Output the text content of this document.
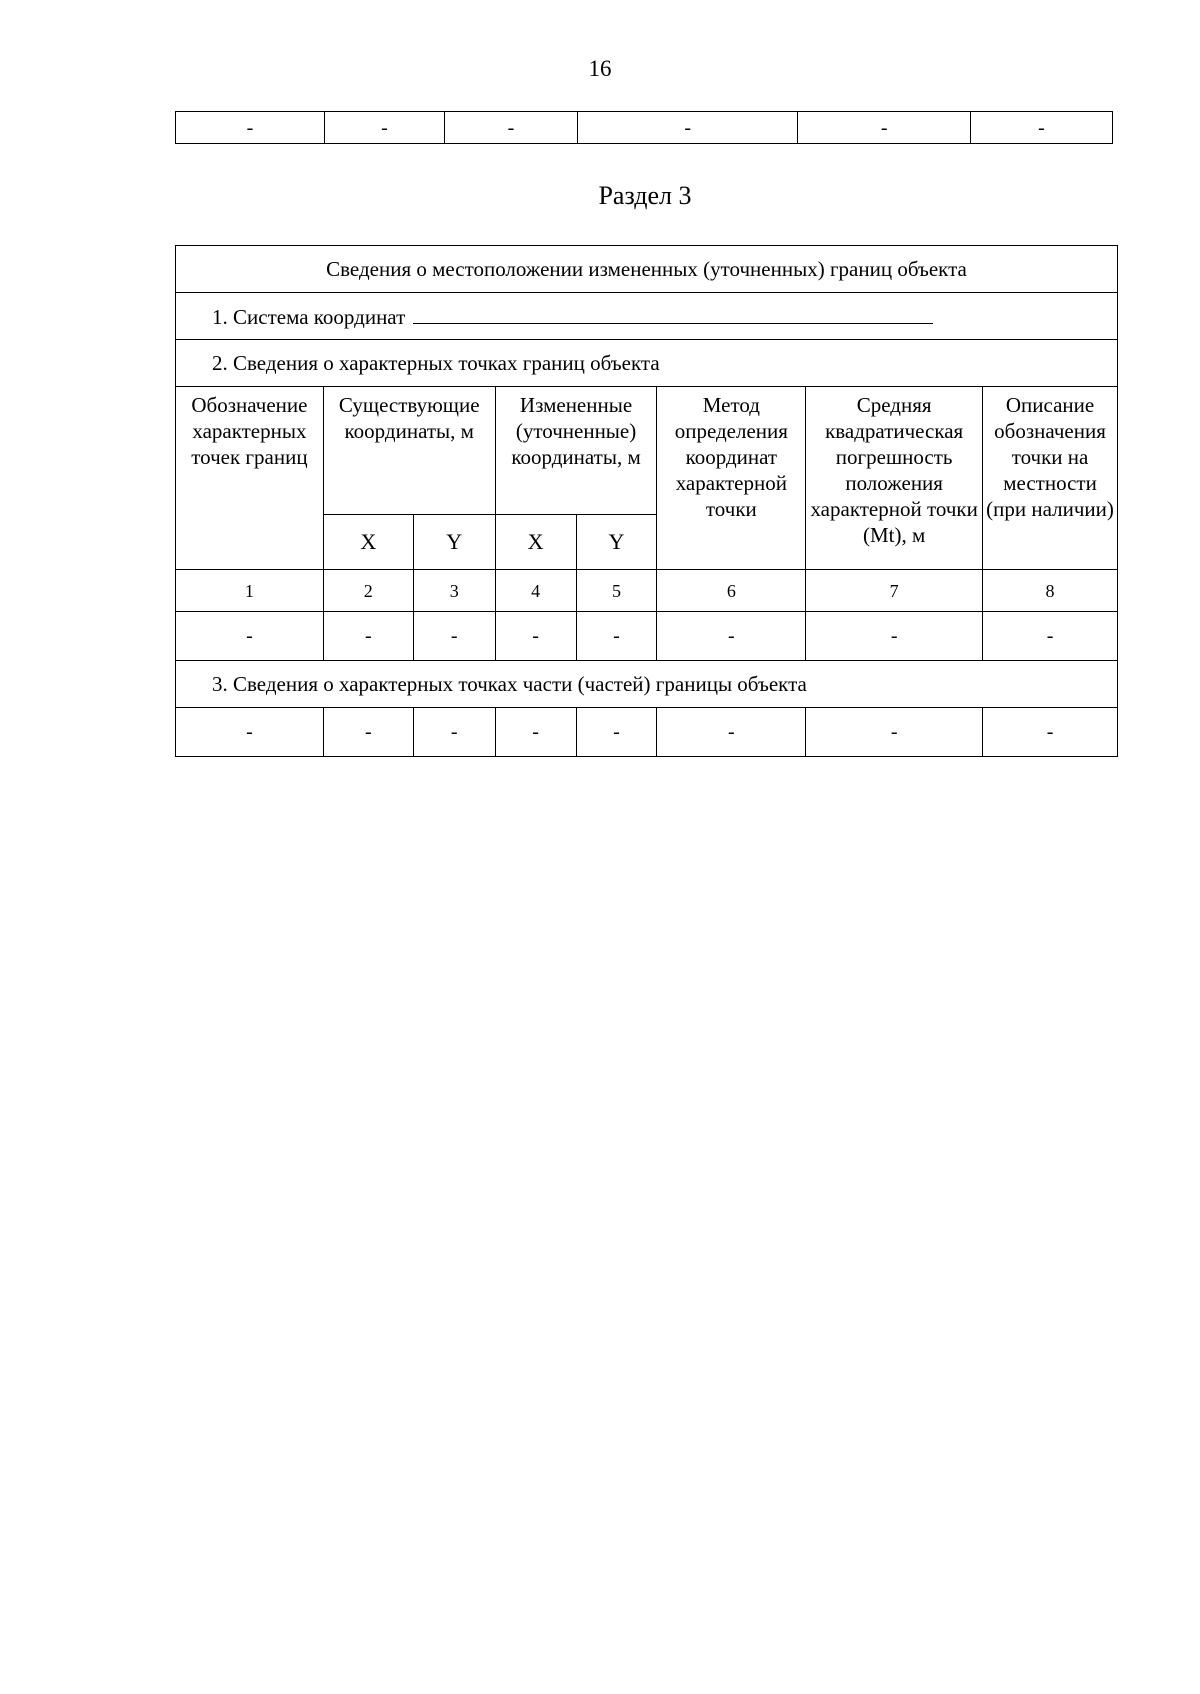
16
-	-	-	-	-	-
Раздел 3
Сведения о местоположении измененных (уточненных) границ объекта							
1. Система координат							
2. Сведения о характерных точках границ объекта							
Обозначение характерных точек границ	Существующие координаты, м		Измененные (уточненные) координаты, м		Метод определения координат характерной точки	Средняя квадратическая погрешность положения характерной точки (Mt), м	Описание обозначения точки на местности (при наличии)
	X	Y	X	Y			
1	2	3	4	5	6	7	8
-	-	-	-	-	-	-	-
3. Сведения о характерных точках части (частей) границы объекта							
-	-	-	-	-	-	-	-
